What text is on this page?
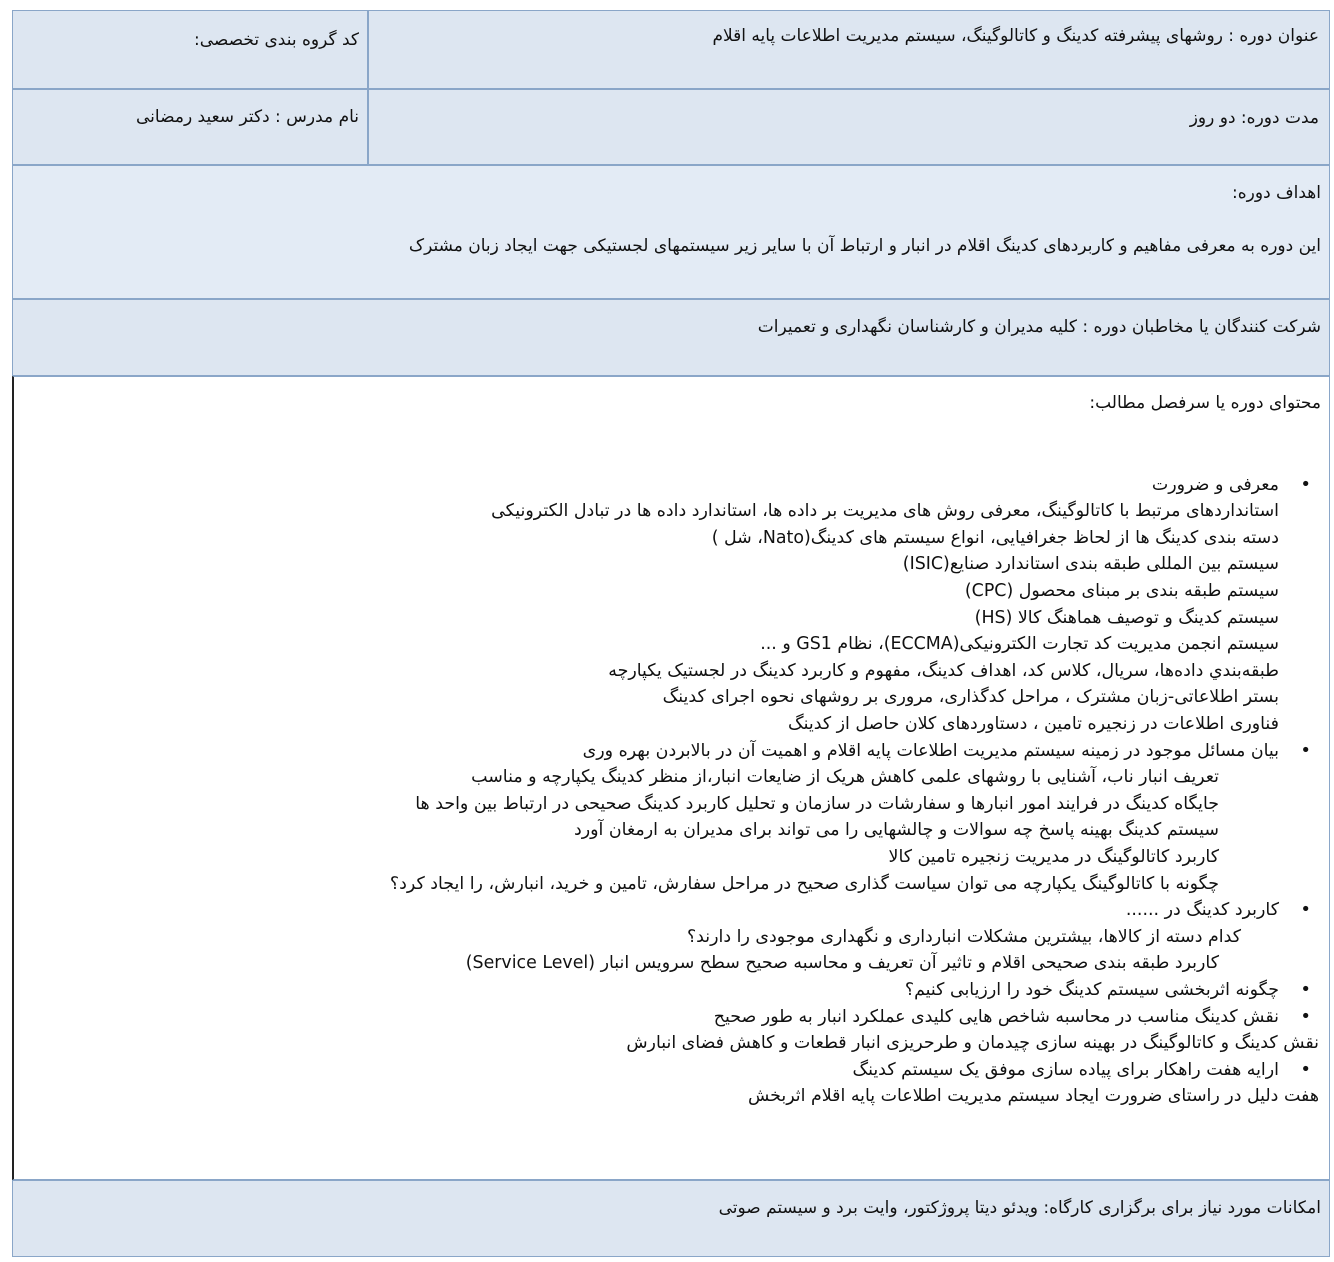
عنوان دوره : روشهای پیشرفته کدینگ و کاتالوگینگ، سیستم مدیریت اطلاعات پایه اقلام
کد گروه بندی تخصصی:
مدت دوره: دو روز
نام مدرس : دکتر سعید رمضانی
اهداف دوره:
این دوره به معرفی مفاهیم و کاربردهای کدینگ اقلام در انبار و ارتباط آن با سایر زیر سیستمهای لجستیکی جهت ایجاد زبان مشترک
شرکت کنندگان یا مخاطبان دوره : کلیه مدیران و کارشناسان نگهداری و تعمیرات
محتوای دوره یا سرفصل مطالب:
معرفی و ضرورت
استانداردهای مرتبط با کاتالوگینگ، معرفی روش های مدیریت بر داده ها، استاندارد داده ها در تبادل الکترونیکی
دسته بندی کدینگ ها از لحاظ جغرافیایی، انواع سیستم های کدینگ(Nato، شل )
سیستم بین المللی طبقه بندی استاندارد صنایع(ISIC)
سیستم طبقه بندی بر مبنای محصول (CPC)
سیستم کدینگ و توصیف هماهنگ کالا (HS)
سیستم انجمن مدیریت کد تجارت الکترونیکی(ECCMA)، نظام GS1 و ...
طبقه‌بندي داده‌ها، سریال، کلاس کد، اهداف کدینگ، مفهوم و کاربرد کدینگ در لجستیک یکپارچه
بستر اطلاعاتی-زبان مشترک ، مراحل کدگذاری، مروری بر روشهای نحوه اجرای کدینگ
فناوری اطلاعات در زنجیره تامین ، دستاوردهای کلان حاصل از کدینگ
بیان مسائل موجود در زمینه سیستم مدیریت اطلاعات پایه اقلام و اهمیت آن در بالابردن بهره وری
تعریف انبار ناب، آشنایی با روشهای علمی کاهش هریک از ضایعات انبار،از منظر کدینگ یکپارچه و مناسب
جایگاه کدینگ در فرایند امور انبارها و سفارشات در سازمان و تحلیل کاربرد کدینگ صحیحی در ارتباط بین واحد ها
سیستم کدینگ بهینه پاسخ چه سوالات و چالشهایی را می تواند برای مدیران به ارمغان آورد
کاربرد کاتالوگینگ در مدیریت زنجیره تامین کالا
چگونه با کاتالوگینگ یکپارچه می توان سیاست گذاری صحیح در مراحل سفارش، تامین و خرید، انبارش، را ایجاد کرد؟
کاربرد کدینگ در ......
کدام دسته از کالاها، بیشترین مشکلات انبارداری و نگهداری موجودی را دارند؟
کاربرد طبقه بندی صحیحی اقلام و تاثیر آن تعریف و محاسبه صحیح سطح سرویس انبار (Service Level)
چگونه اثربخشی سیستم کدینگ خود را ارزیابی کنیم؟
نقش کدینگ مناسب در محاسبه شاخص هایی کلیدی عملکرد انبار به طور صحیح
نقش کدینگ و کاتالوگینگ در بهینه سازی چیدمان و طرحریزی انبار قطعات و کاهش فضای انبارش
ارایه هفت راهکار برای پیاده سازی موفق یک سیستم کدینگ
هفت دلیل در راستای ضرورت ایجاد سیستم مدیریت اطلاعات پایه اقلام اثربخش
•
•
•
•
•
•
امکانات مورد نیاز برای برگزاری کارگاه: ویدئو دیتا پروژکتور، وایت برد و سیستم صوتی
